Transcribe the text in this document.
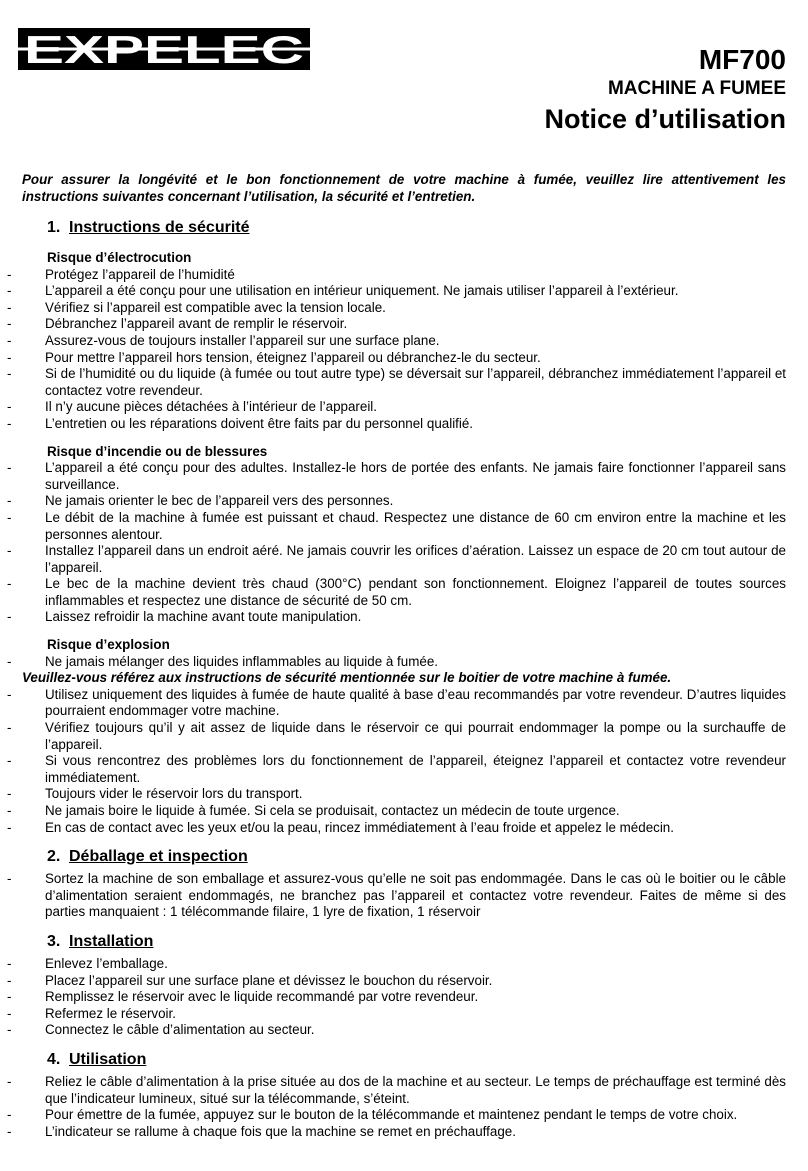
EXPELEC	MF700
MACHINE A FUMEE
Notice d’utilisation
Pour assurer la longévité et le bon fonctionnement de votre machine à fumée, veuillez lire attentivement les instructions suivantes concernant l’utilisation, la sécurité et l’entretien.
1. Instructions de sécurité
Risque d’électrocution
-	Protégez l’appareil de l’humidité
-	L’appareil a été conçu pour une utilisation en intérieur uniquement. Ne jamais utiliser l’appareil à l’extérieur.
-	Vérifiez si l’appareil est compatible avec la tension locale.
-	Débranchez l’appareil avant de remplir le réservoir.
-	Assurez-vous de toujours installer l’appareil sur une surface plane.
-	Pour mettre l’appareil hors tension, éteignez l’appareil ou débranchez-le du secteur.
-	Si de l’humidité ou du liquide (à fumée ou tout autre type) se déversait sur l’appareil, débranchez immédiatement l’appareil et contactez votre revendeur.
-	Il n’y aucune pièces détachées à l’intérieur de l’appareil.
-	L’entretien ou les réparations doivent être faits par du personnel qualifié.
Risque d’incendie ou de blessures
-	L’appareil a été conçu pour des adultes. Installez-le hors de portée des enfants. Ne jamais faire fonctionner l’appareil sans surveillance.
-	Ne jamais orienter le bec de l’appareil vers des personnes.
-	Le débit de la machine à fumée est puissant et chaud. Respectez une distance de 60 cm environ entre la machine et les personnes alentour.
-	Installez l’appareil dans un endroit aéré. Ne jamais couvrir les orifices d’aération. Laissez un espace de 20 cm tout autour de l’appareil.
-	Le bec de la machine devient très chaud (300°C) pendant son fonctionnement. Eloignez l’appareil de toutes sources inflammables et respectez une distance de sécurité de 50 cm.
-	Laissez refroidir la machine avant toute manipulation.
Risque d’explosion
-	Ne jamais mélanger des liquides inflammables au liquide à fumée.
Veuillez-vous référez aux instructions de sécurité mentionnée sur le boitier de votre machine à fumée.
-	Utilisez uniquement des liquides à fumée de haute qualité à base d’eau recommandés par votre revendeur. D’autres liquides pourraient endommager votre machine.
-	Vérifiez toujours qu’il y ait assez de liquide dans le réservoir ce qui pourrait endommager la pompe ou la surchauffe de l’appareil.
-	Si vous rencontrez des problèmes lors du fonctionnement de l’appareil, éteignez l’appareil et contactez votre revendeur immédiatement.
-	Toujours vider le réservoir lors du transport.
-	Ne jamais boire le liquide à fumée. Si cela se produisait, contactez un médecin de toute urgence.
-	En cas de contact avec les yeux et/ou la peau, rincez immédiatement à l’eau froide et appelez le médecin.
2. Déballage et inspection
-	Sortez la machine de son emballage et assurez-vous qu’elle ne soit pas endommagée. Dans le cas où le boitier ou le câble d’alimentation seraient endommagés, ne branchez pas l’appareil et contactez votre revendeur. Faites de même si des parties manquaient : 1 télécommande filaire, 1 lyre de fixation, 1 réservoir
3. Installation
-	Enlevez l’emballage.
-	Placez l’appareil sur une surface plane et dévissez le bouchon du réservoir.
-	Remplissez le réservoir avec le liquide recommandé par votre revendeur.
-	Refermez le réservoir.
-	Connectez le câble d’alimentation au secteur.
4. Utilisation
-	Reliez le câble d’alimentation à la prise située au dos de la machine et au secteur. Le temps de préchauffage est terminé dès que l’indicateur lumineux, situé sur la télécommande, s’éteint.
-	Pour émettre de la fumée, appuyez sur le bouton de la télécommande et maintenez pendant le temps de votre choix.
-	L’indicateur se rallume à chaque fois que la machine se remet en préchauffage.
